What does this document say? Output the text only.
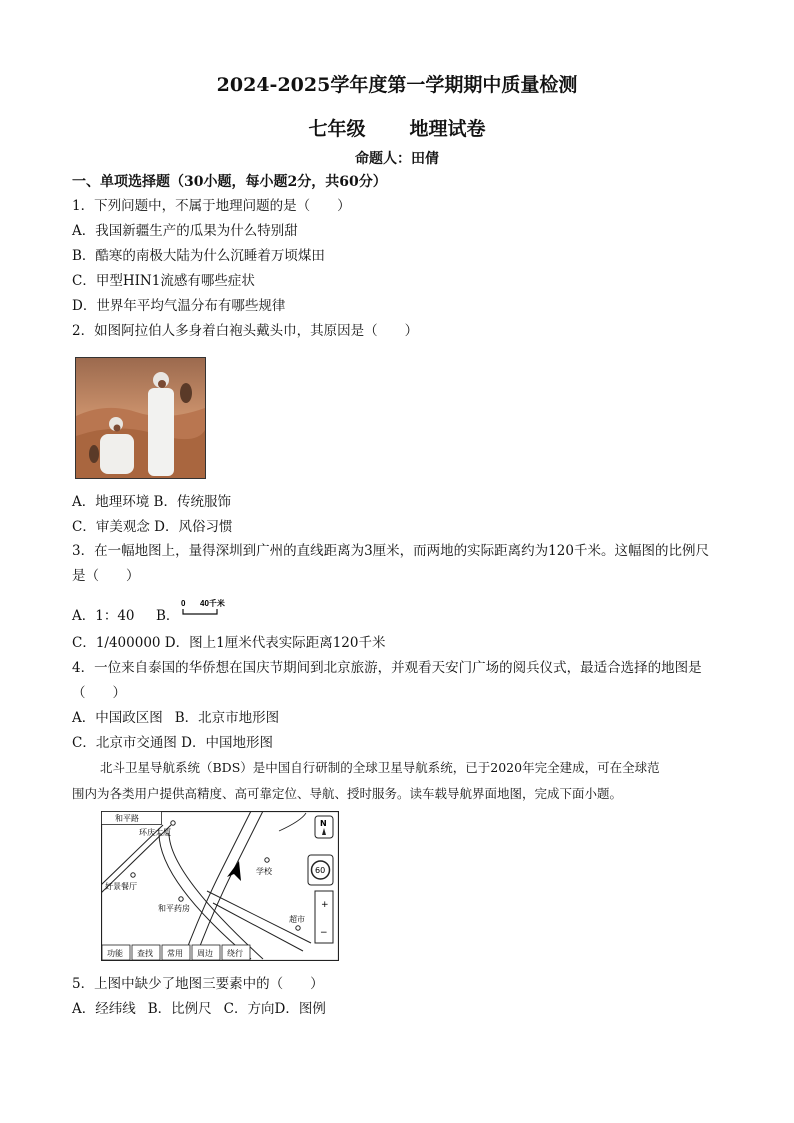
2024-2025学年度第一学期期中质量检测
七年级 地理试卷
命题人：田倩
一、单项选择题（30小题，每小题2分，共60分）
1．下列问题中，不属于地理问题的是（　　）
A．我国新疆生产的瓜果为什么特别甜
B．酷寒的南极大陆为什么沉睡着万顷煤田
C．甲型HIN1流感有哪些症状
D．世界年平均气温分布有哪些规律
2．如图阿拉伯人多身着白袍头戴头巾，其原因是（　　）
A．地理环境 B．传统服饰
C．审美观念 D．风俗习惯
3．在一幅地图上，量得深圳到广州的直线距离为3厘米，而两地的实际距离约为120千米。这幅图的比例尺
是（　　）
A．1：40 B．
0 40千米
C．1/400000 D．图上1厘米代表实际距离120千米
4．一位来自泰国的华侨想在国庆节期间到北京旅游，并观看天安门广场的阅兵仪式，最适合选择的地图是
（　　）
A．中国政区图 B．北京市地形图
C．北京市交通图 D．中国地形图
北斗卫星导航系统（BDS）是中国自行研制的全球卫星导航系统，已于2020年完全建成，可在全球范
围内为各类用户提供高精度、高可靠定位、导航、授时服务。读车载导航界面地图，完成下面小题。
和平路
环庆大厦
好景餐厅
和平药房
学校
超市
N
60
+
−
功能 查找 常用 周边 绕行
5．上图中缺少了地图三要素中的（　　）
A．经纬线 B．比例尺 C．方向D．图例
